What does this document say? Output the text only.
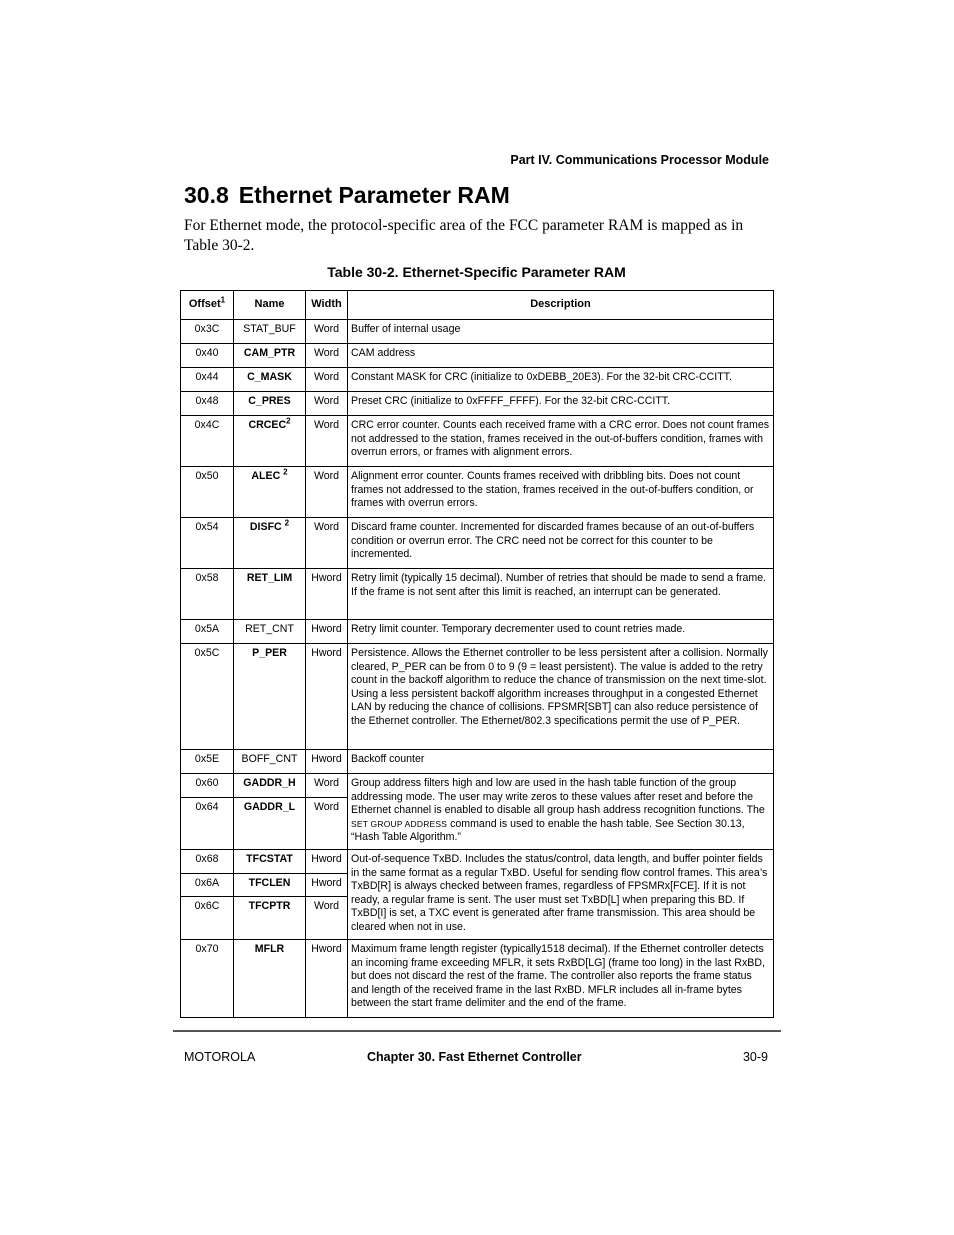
Part IV. Communications Processor Module
30.8 Ethernet Parameter RAM

For Ethernet mode, the protocol-specific area of the FCC parameter RAM is mapped as in Table 30-2.

Table 30-2. Ethernet-Specific Parameter RAM
Offset$^1$	Name	Width	Description
0x3C	STAT_BUF	Word	Buffer of internal usage
0x40	CAM_PTR	Word	CAM address
0x44	C_MASK	Word	Constant MASK for CRC (initialize to 0xDEBB_20E3). For the 32-bit CRC-CCITT.
0x48	C_PRES	Word	Preset CRC (initialize to 0xFFFF_FFFF). For the 32-bit CRC-CCITT.
0x4C	CRCEC$^2$	Word	CRC error counter. Counts each received frame with a CRC error. Does not count frames not addressed to the station, frames received in the out-of-buffers condition, frames with overrun errors, or frames with alignment errors.
0x50	ALEC $^2$	Word	Alignment error counter. Counts frames received with dribbling bits. Does not count frames not addressed to the station, frames received in the out-of-buffers condition, or frames with overrun errors.
0x54	DISFC $^2$	Word	Discard frame counter. Incremented for discarded frames because of an out-of-buffers condition or overrun error. The CRC need not be correct for this counter to be incremented.
0x58	RET_LIM	Hword	Retry limit (typically 15 decimal). Number of retries that should be made to send a frame. If the frame is not sent after this limit is reached, an interrupt can be generated.
0x5A	RET_CNT	Hword	Retry limit counter. Temporary decrementer used to count retries made.
0x5C	P_PER	Hword	Persistence. Allows the Ethernet controller to be less persistent after a collision. Normally cleared, P_PER can be from 0 to 9 (9 = least persistent). The value is added to the retry count in the backoff algorithm to reduce the chance of transmission on the next time-slot. Using a less persistent backoff algorithm increases throughput in a congested Ethernet LAN by reducing the chance of collisions. FPSMR[SBT] can also reduce persistence of the Ethernet controller. The Ethernet/802.3 specifications permit the use of P_PER.
0x5E	BOFF_CNT	Hword	Backoff counter
0x60	GADDR_H	Word	Group address filters high and low are used in the hash table function of the group addressing mode. The user may write zeros to these values after reset and before the Ethernet channel is enabled to disable all group hash address recognition functions. The SET GROUP ADDRESS command is used to enable the hash table. See Section 30.13, “Hash Table Algorithm.”
0x64	GADDR_L	Word	
0x68	TFCSTAT	Hword	Out-of-sequence TxBD. Includes the status/control, data length, and buffer pointer fields in the same format as a regular TxBD. Useful for sending flow control frames. This area’s TxBD[R] is always checked between frames, regardless of FPSMRx[FCE]. If it is not ready, a regular frame is sent. The user must set TxBD[L] when preparing this BD. If TxBD[I] is set, a TXC event is generated after frame transmission. This area should be cleared when not in use.
0x6A	TFCLEN	Hword	
0x6C	TFCPTR	Word	
0x70	MFLR	Hword	Maximum frame length register (typically1518 decimal). If the Ethernet controller detects an incoming frame exceeding MFLR, it sets RxBD[LG] (frame too long) in the last RxBD, but does not discard the rest of the frame. The controller also reports the frame status and length of the received frame in the last RxBD. MFLR includes all in-frame bytes between the start frame delimiter and the end of the frame.
MOTOROLA	Chapter 30. Fast Ethernet Controller	30-9
